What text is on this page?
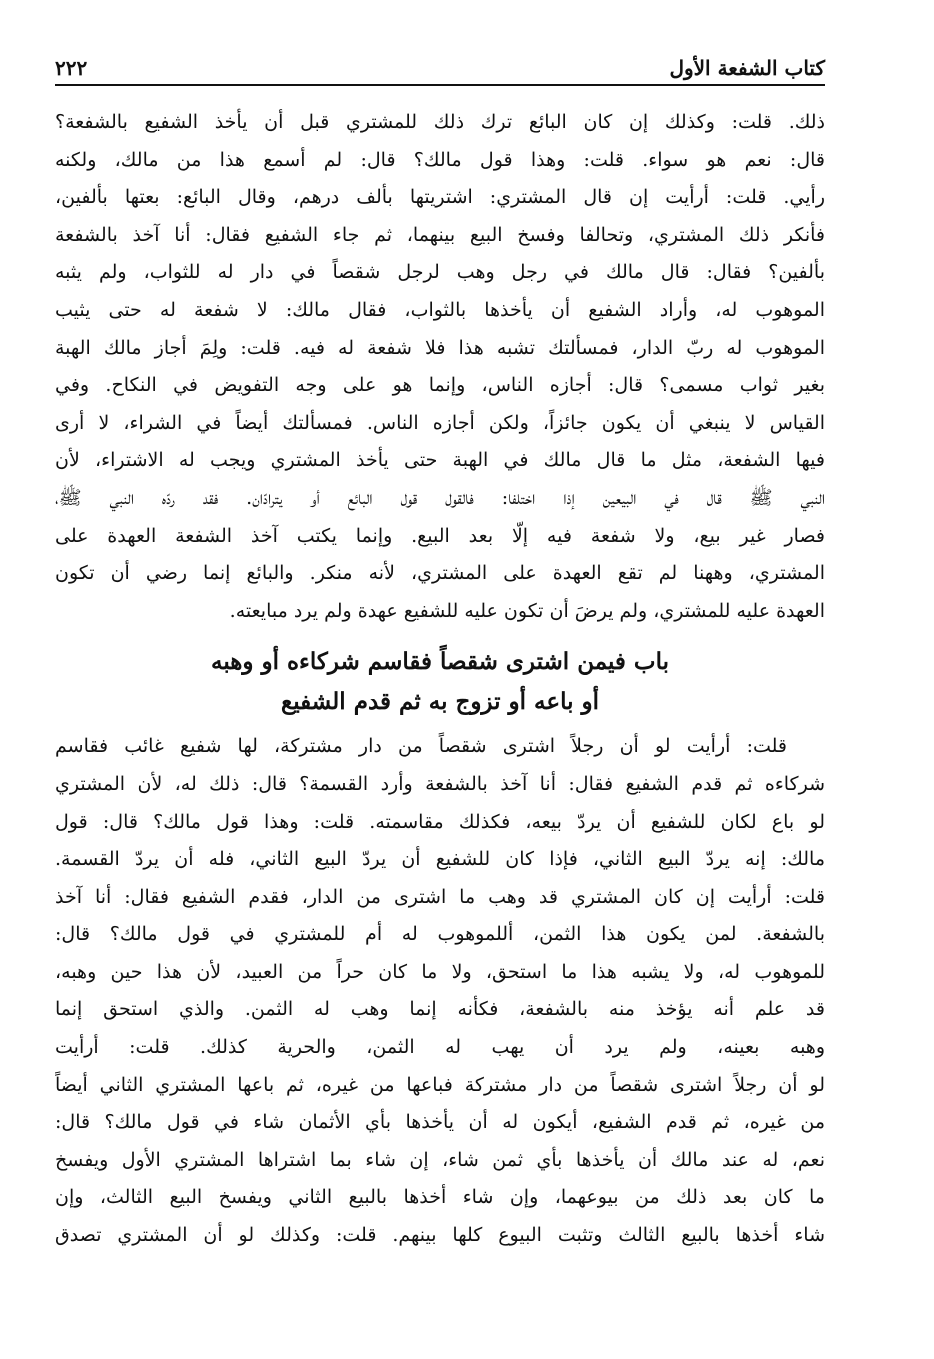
كتاب الشفعة الأول
٢٢٢
ذلك. قلت: وكذلك إن كان البائع ترك ذلك للمشتري قبل أن يأخذ الشفيع بالشفعة؟
قال: نعم هو سواء. قلت: وهذا قول مالك؟ قال: لم أسمع هذا من مالك، ولكنه
رأيي. قلت: أرأيت إن قال المشتري: اشتريتها بألف درهم، وقال البائع: بعتها بألفين،
فأنكر ذلك المشتري، وتحالفا وفسخ البيع بينهما، ثم جاء الشفيع فقال: أنا آخذ بالشفعة
بألفين؟ فقال: قال مالك في رجل وهب لرجل شقصاً في دار له للثواب، ولم يثبه
الموهوب له، وأراد الشفيع أن يأخذها بالثواب، فقال مالك: لا شفعة له حتى يثيب
الموهوب له ربّ الدار، فمسألتك تشبه هذا فلا شفعة له فيه. قلت: ولِمَ أجاز مالك الهبة
بغير ثواب مسمى؟ قال: أجازه الناس، وإنما هو على وجه التفويض في النكاح. وفي
القياس لا ينبغي أن يكون جائزاً، ولكن أجازه الناس. فمسألتك أيضاً في الشراء، لا أرى
فيها الشفعة، مثل ما قال مالك في الهبة حتى يأخذ المشتري ويجب له الاشتراء، لأن
النبي ﷺ قال في البيعين إذا اختلفا: فالقول قول البائع أو يترادّان. فقد ردّه النبي ﷺ،
فصار غير بيع، ولا شفعة فيه إلّا بعد البيع. وإنما يكتب آخذ الشفعة العهدة على
المشتري، وههنا لم تقع العهدة على المشتري، لأنه منكر. والبائع إنما رضي أن تكون
العهدة عليه للمشتري، ولم يرضَ أن تكون عليه للشفيع عهدة ولم يرد مبايعته.
باب فيمن اشترى شقصاً فقاسم شركاءه أو وهبه
أو باعه أو تزوج به ثم قدم الشفيع
قلت: أرأيت لو أن رجلاً اشترى شقصاً من دار مشتركة، لها شفيع غائب فقاسم
شركاءه ثم قدم الشفيع فقال: أنا آخذ بالشفعة وأرد القسمة؟ قال: ذلك له، لأن المشتري
لو باع لكان للشفيع أن يردّ بيعه، فكذلك مقاسمته. قلت: وهذا قول مالك؟ قال: قول
مالك: إنه يردّ البيع الثاني، فإذا كان للشفيع أن يردّ البيع الثاني، فله أن يردّ القسمة.
قلت: أرأيت إن كان المشتري قد وهب ما اشترى من الدار، فقدم الشفيع فقال: أنا آخذ
بالشفعة. لمن يكون هذا الثمن، أللموهوب له أم للمشتري في قول مالك؟ قال:
للموهوب له، ولا يشبه هذا ما استحق، ولا ما كان حراً من العبيد، لأن هذا حين وهبه،
قد علم أنه يؤخذ منه بالشفعة، فكأنه إنما وهب له الثمن. والذي استحق إنما
وهبه بعينه، ولم يرد أن يهب له الثمن، والحرية كذلك. قلت: أرأيت
لو أن رجلاً اشترى شقصاً من دار مشتركة فباعها من غيره، ثم باعها المشتري الثاني أيضاً
من غيره، ثم قدم الشفيع، أيكون له أن يأخذها بأي الأثمان شاء في قول مالك؟ قال:
نعم، له عند مالك أن يأخذها بأي ثمن شاء، إن شاء بما اشتراها المشتري الأول ويفسخ
ما كان بعد ذلك من بيوعهما، وإن شاء أخذها بالبيع الثاني ويفسخ البيع الثالث، وإن
شاء أخذها بالبيع الثالث وتثبت البيوع كلها بينهم. قلت: وكذلك لو أن المشتري تصدق
